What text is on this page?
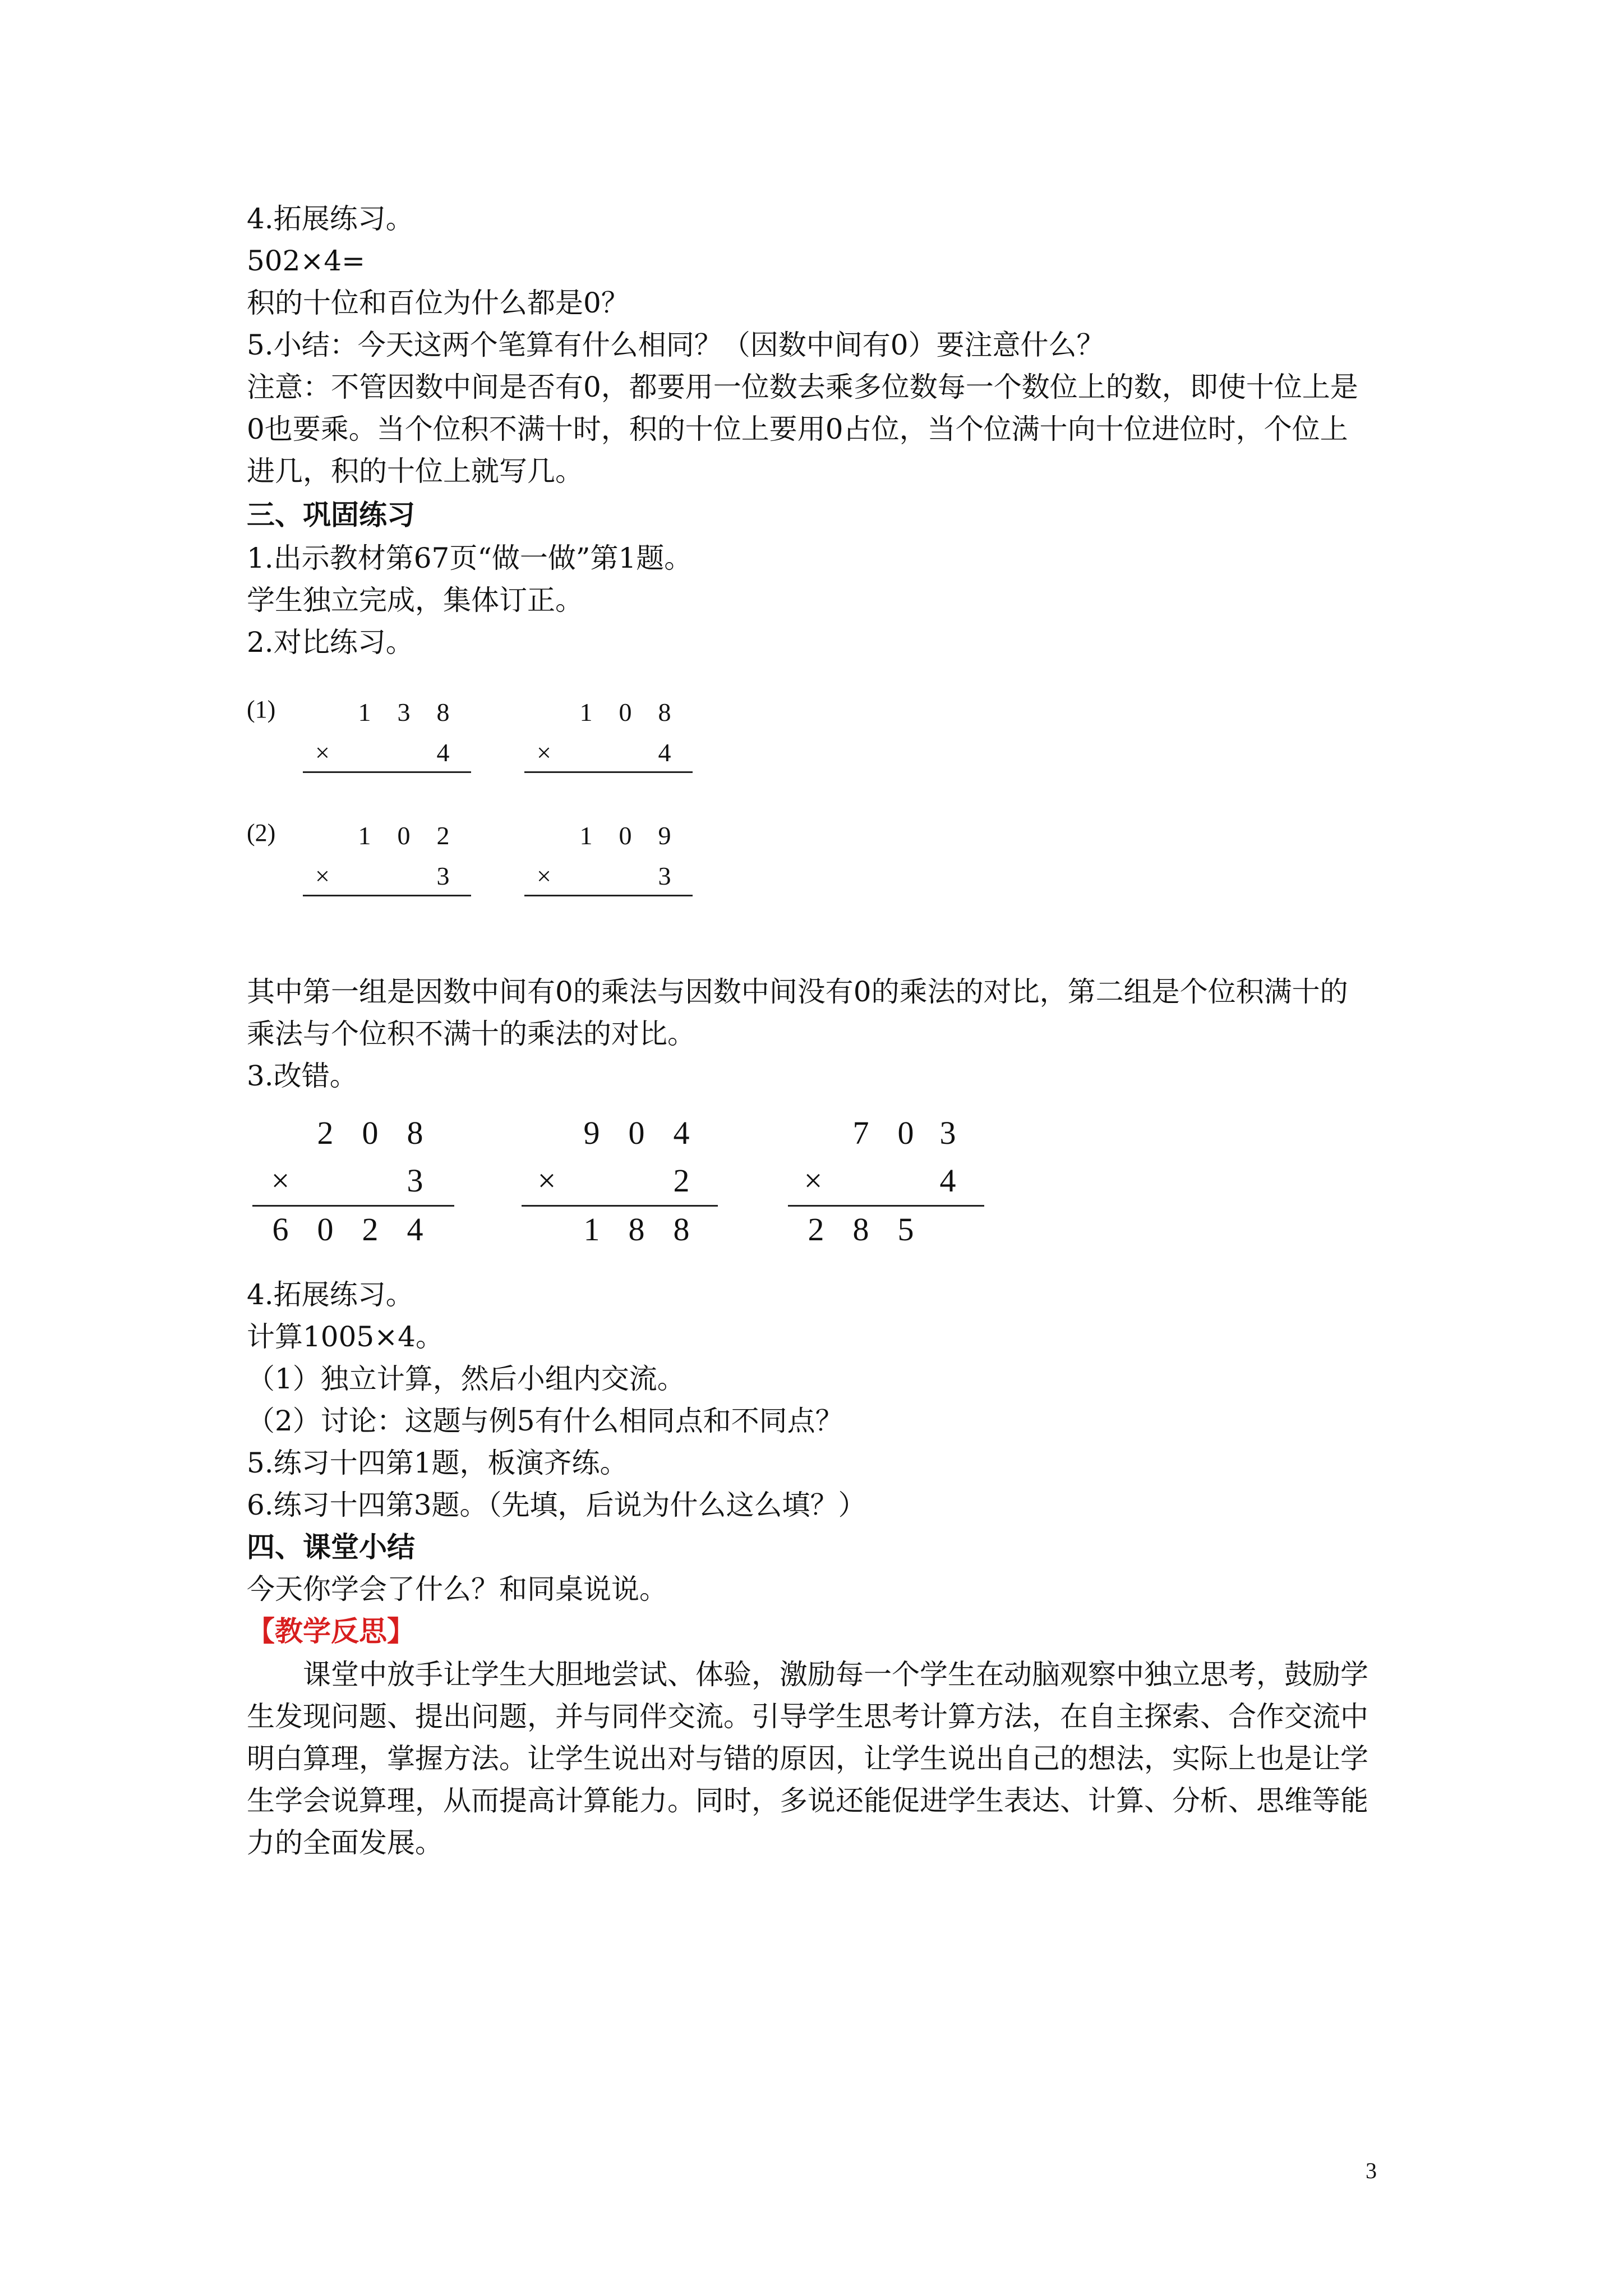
4.拓展练习。
502×4=
积的十位和百位为什么都是0？
5.小结：今天这两个笔算有什么相同？（因数中间有0）要注意什么？
注意：不管因数中间是否有0，都要用一位数去乘多位数每一个数位上的数，即使十位上是
0也要乘。当个位积不满十时，积的十位上要用0占位，当个位满十向十位进位时，个位上
进几，积的十位上就写几。
三、巩固练习
1.出示教材第67页“做一做”第1题。
学生独立完成，集体订正。
2.对比练习。
(1)
(2)
1 3 8
×	4
1 0 8
×	4
1 0 2
×	3
1 0 9
×	3
其中第一组是因数中间有0的乘法与因数中间没有0的乘法的对比，第二组是个位积满十的
乘法与个位积不满十的乘法的对比。
3.改错。
2 0 8
×	3
6 0 2 4
9 0 4
×	2
1 8 8
7 0 3
×	4
2 8 5
4.拓展练习。
计算1005×4。
（1）独立计算，然后小组内交流。
（2）讨论：这题与例5有什么相同点和不同点？
5.练习十四第1题，板演齐练。
6.练习十四第3题。（先填，后说为什么这么填？）
四、课堂小结
今天你学会了什么？和同桌说说。
【教学反思】
课堂中放手让学生大胆地尝试、体验，激励每一个学生在动脑观察中独立思考，鼓励学
生发现问题、提出问题，并与同伴交流。引导学生思考计算方法，在自主探索、合作交流中
明白算理，掌握方法。让学生说出对与错的原因，让学生说出自己的想法，实际上也是让学
生学会说算理，从而提高计算能力。同时，多说还能促进学生表达、计算、分析、思维等能
力的全面发展。
3
